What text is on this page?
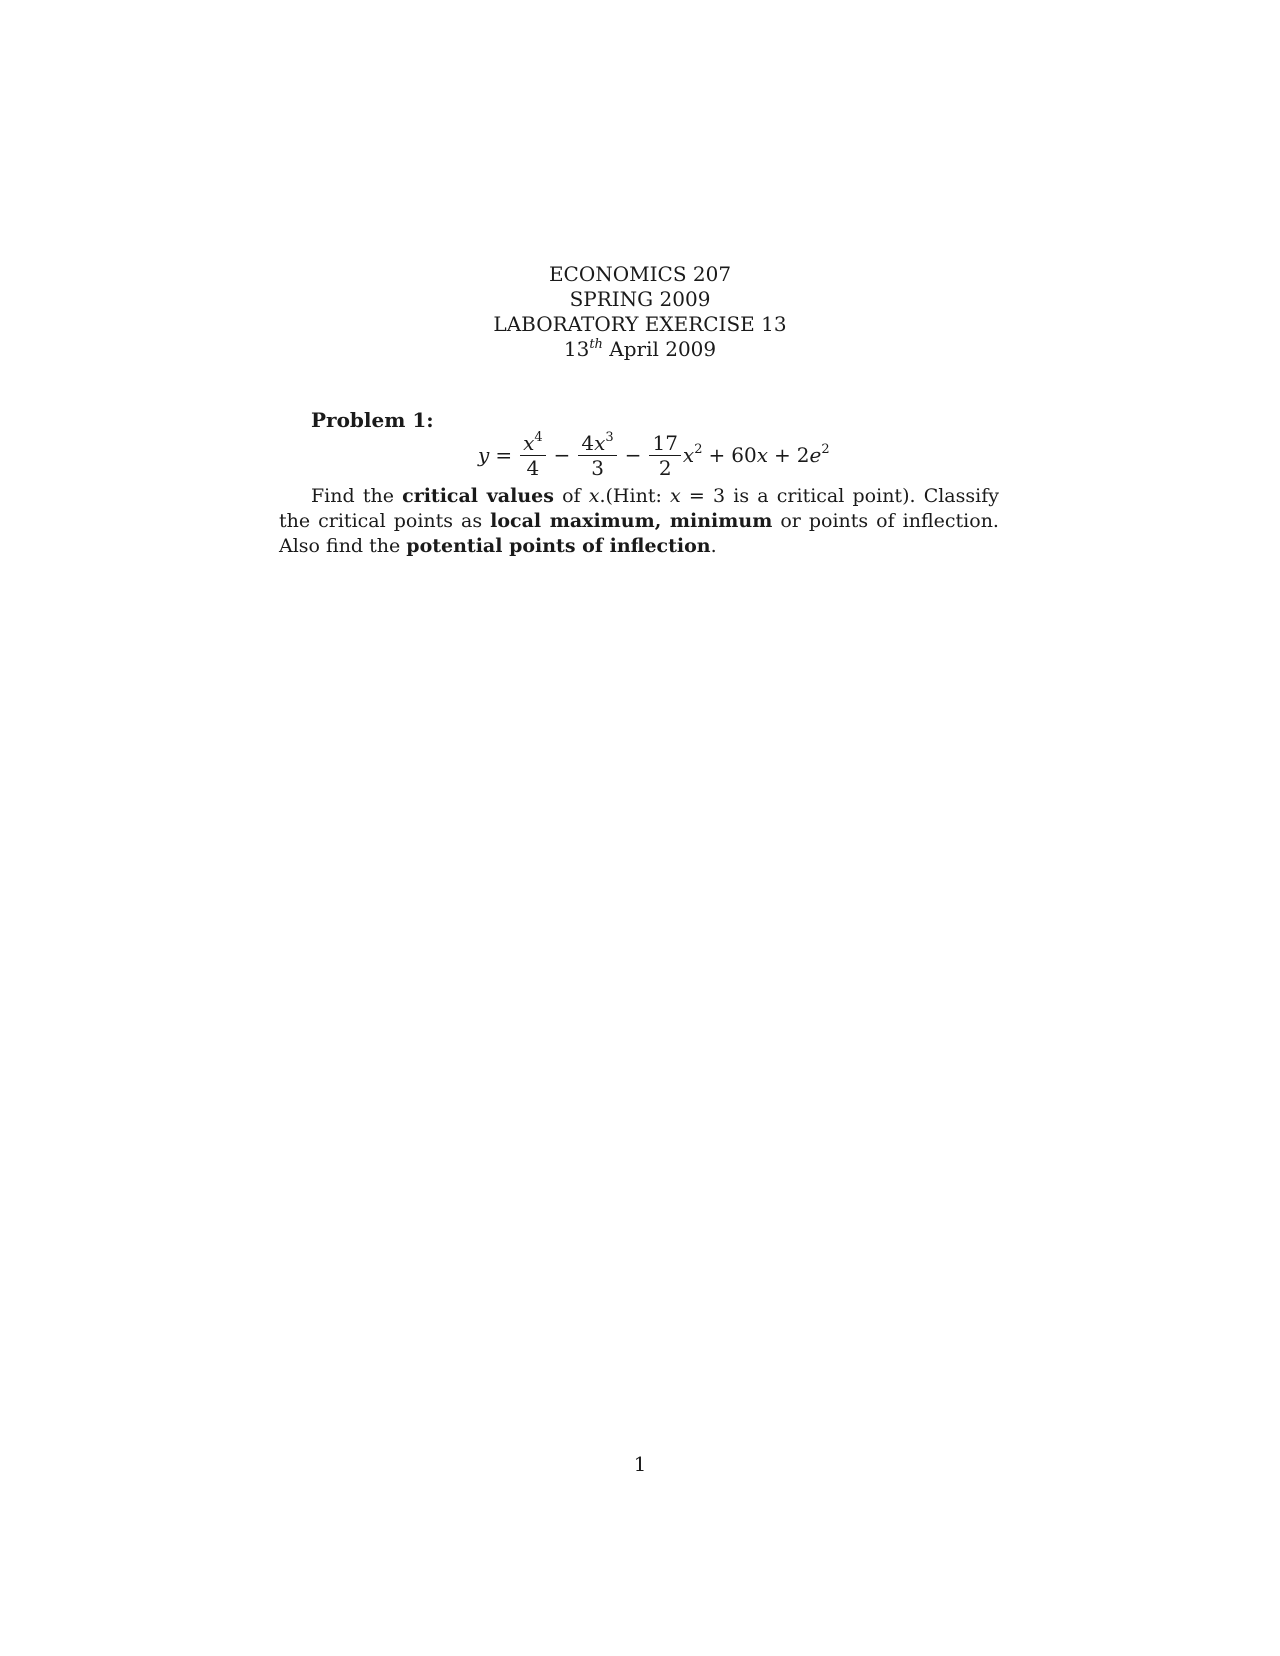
ECONOMICS 207
SPRING 2009
LABORATORY EXERCISE 13
13th April 2009
Problem 1:
$y = \frac{x^4}{4} - \frac{4x^3}{3} - \frac{17}{2} x^2 + 60x + 2e^2$
Find the critical values of x.(Hint: x = 3 is a critical point). Classify the critical points as local maximum, minimum or points of inflection. Also find the potential points of inflection.
1
